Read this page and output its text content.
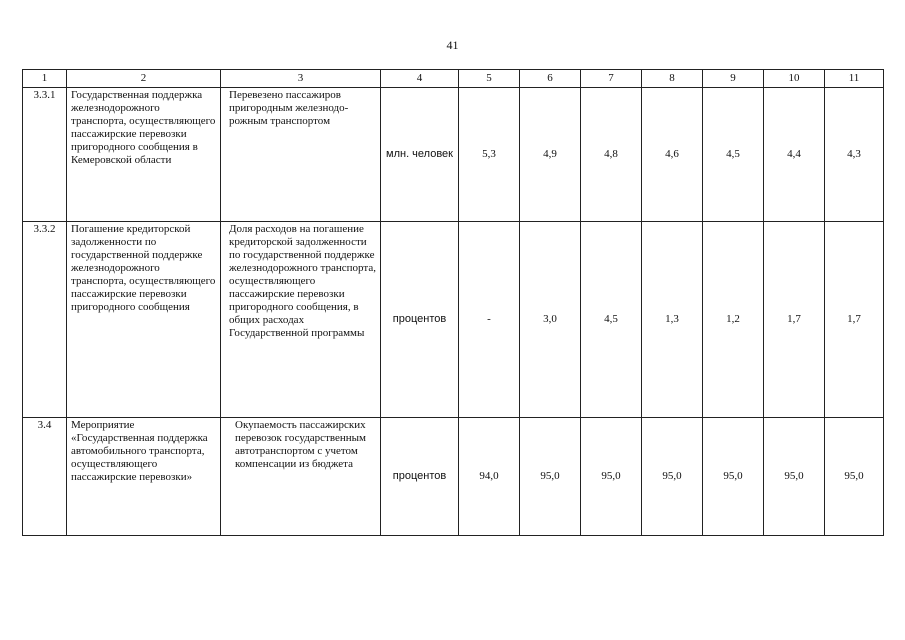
41
1	2	3	4	5	6	7	8	9	10	11
3.3.1	Государственная поддержка железнодорожного транспорта, осуществляющего пассажирские перевозки пригородного сообщения в Кемеровской области	Перевезено пассажиров пригородным железнодо-рожным транспортом	млн. человек	5,3	4,9	4,8	4,6	4,5	4,4	4,3
3.3.2	Погашение кредиторской задолженности по государственной поддержке железнодорожного транспорта, осуществляющего пассажирские перевозки пригородного сообщения	Доля расходов на погашение кредиторской задолженности по государственной поддержке железнодорожного транспорта, осуществляющего пассажирские перевозки пригородного сообщения, в общих расходах Государственной программы	процентов	-	3,0	4,5	1,3	1,2	1,7	1,7
3.4	Мероприятие «Государственная поддержка автомобильного транспорта, осуществляющего пассажирские перевозки»	Окупаемость пассажирских перевозок государственным автотранспортом с учетом компенсации из бюджета	процентов	94,0	95,0	95,0	95,0	95,0	95,0	95,0
